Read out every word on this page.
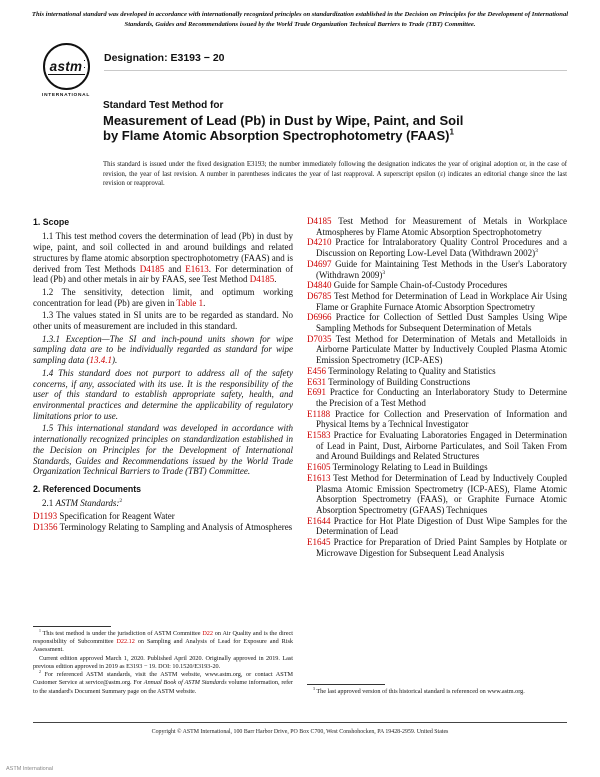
This international standard was developed in accordance with internationally recognized principles on standardization established in the Decision on Principles for the Development of International Standards, Guides and Recommendations issued by the World Trade Organization Technical Barriers to Trade (TBT) Committee.
astm
INTERNATIONAL
Designation: E3193 − 20
Standard Test Method for
Measurement of Lead (Pb) in Dust by Wipe, Paint, and Soil
by Flame Atomic Absorption Spectrophotometry (FAAS)$^1$
This standard is issued under the fixed designation E3193; the number immediately following the designation indicates the year of original adoption or, in the case of revision, the year of last revision. A number in parentheses indicates the year of last reapproval. A superscript epsilon (ε) indicates an editorial change since the last revision or reapproval.
1. Scope

1.1 This test method covers the determination of lead (Pb) in dust by wipe, paint, and soil collected in and around buildings and related structures by flame atomic absorption spectrophotometry (FAAS) and is derived from Test Methods D4185 and E1613. For determination of lead (Pb) and other metals in air by FAAS, see Test Method D4185.

1.2 The sensitivity, detection limit, and optimum working concentration for lead (Pb) are given in Table 1.

1.3 The values stated in SI units are to be regarded as standard. No other units of measurement are included in this standard.

1.3.1 Exception—The SI and inch-pound units shown for wipe sampling data are to be individually regarded as standard for wipe sampling data (13.4.1).

1.4 This standard does not purport to address all of the safety concerns, if any, associated with its use. It is the responsibility of the user of this standard to establish appropriate safety, health, and environmental practices and determine the applicability of regulatory limitations prior to use.

1.5 This international standard was developed in accordance with internationally recognized principles on standardization established in the Decision on Principles for the Development of International Standards, Guides and Recommendations issued by the World Trade Organization Technical Barriers to Trade (TBT) Committee.

2. Referenced Documents

2.1 ASTM Standards:$^2$

D1193 Specification for Reagent Water
D1356 Terminology Relating to Sampling and Analysis of Atmospheres

$^1$ This test method is under the jurisdiction of ASTM Committee D22 on Air Quality and is the direct responsibility of Subcommittee D22.12 on Sampling and Analysis of Lead for Exposure and Risk Assessment.

Current edition approved March 1, 2020. Published April 2020. Originally approved in 2019. Last previous edition approved in 2019 as E3193 − 19. DOI: 10.1520/E3193-20.

$^2$ For referenced ASTM standards, visit the ASTM website, www.astm.org, or contact ASTM Customer Service at service@astm.org. For Annual Book of ASTM Standards volume information, refer to the standard's Document Summary page on the ASTM website.

D4185 Test Method for Measurement of Metals in Workplace Atmospheres by Flame Atomic Absorption Spectrophotometry
D4210 Practice for Intralaboratory Quality Control Procedures and a Discussion on Reporting Low-Level Data (Withdrawn 2002)$^3$
D4697 Guide for Maintaining Test Methods in the User's Laboratory (Withdrawn 2009)$^3$
D4840 Guide for Sample Chain-of-Custody Procedures
D6785 Test Method for Determination of Lead in Workplace Air Using Flame or Graphite Furnace Atomic Absorption Spectrometry
D6966 Practice for Collection of Settled Dust Samples Using Wipe Sampling Methods for Subsequent Determination of Metals
D7035 Test Method for Determination of Metals and Metalloids in Airborne Particulate Matter by Inductively Coupled Plasma Atomic Emission Spectrometry (ICP-AES)
E456 Terminology Relating to Quality and Statistics
E631 Terminology of Building Constructions
E691 Practice for Conducting an Interlaboratory Study to Determine the Precision of a Test Method
E1188 Practice for Collection and Preservation of Information and Physical Items by a Technical Investigator
E1583 Practice for Evaluating Laboratories Engaged in Determination of Lead in Paint, Dust, Airborne Particulates, and Soil Taken From and Around Buildings and Related Structures
E1605 Terminology Relating to Lead in Buildings
E1613 Test Method for Determination of Lead by Inductively Coupled Plasma Atomic Emission Spectrometry (ICP-AES), Flame Atomic Absorption Spectrometry (FAAS), or Graphite Furnace Atomic Absorption Spectrometry (GFAAS) Techniques
E1644 Practice for Hot Plate Digestion of Dust Wipe Samples for the Determination of Lead
E1645 Practice for Preparation of Dried Paint Samples by Hotplate or Microwave Digestion for Subsequent Lead Analysis

$^3$ The last approved version of this historical standard is referenced on www.astm.org.

Copyright © ASTM International, 100 Barr Harbor Drive, PO Box C700, West Conshohocken, PA 19428-2959. United States
ASTM International
